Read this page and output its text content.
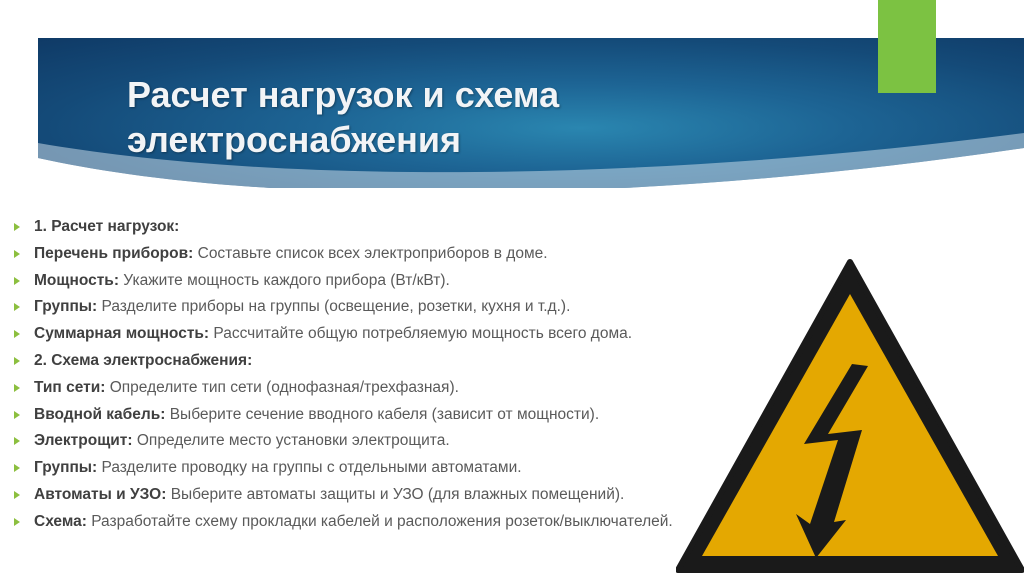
Расчет нагрузок и схема
электроснабжения
1. Расчет нагрузок:
Перечень приборов: Составьте список всех электроприборов в доме.
Мощность: Укажите мощность каждого прибора (Вт/кВт).
Группы: Разделите приборы на группы (освещение, розетки, кухня и т.д.).
Суммарная мощность: Рассчитайте общую потребляемую мощность всего дома.
2. Схема электроснабжения:
Тип сети: Определите тип сети (однофазная/трехфазная).
Вводной кабель: Выберите сечение вводного кабеля (зависит от мощности).
Электрощит: Определите место установки электрощита.
Группы: Разделите проводку на группы с отдельными автоматами.
Автоматы и УЗО: Выберите автоматы защиты и УЗО (для влажных помещений).
Схема: Разработайте схему прокладки кабелей и расположения розеток/выключателей.
